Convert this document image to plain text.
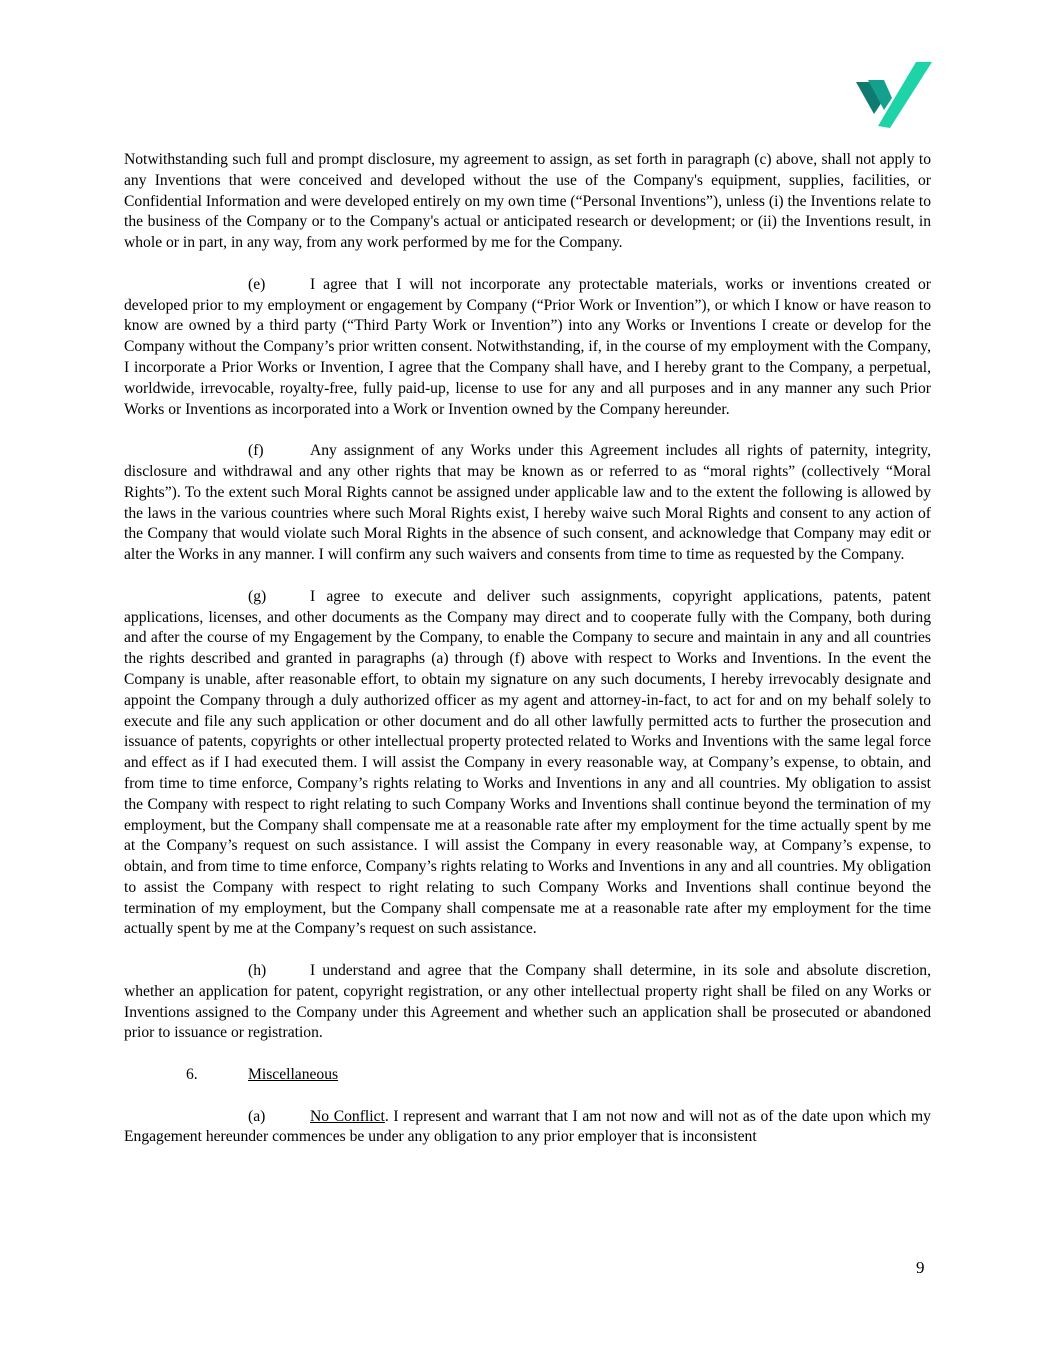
Notwithstanding such full and prompt disclosure, my agreement to assign, as set forth in paragraph (c) above, shall not apply to any Inventions that were conceived and developed without the use of the Company's equipment, supplies, facilities, or Confidential Information and were developed entirely on my own time (“Personal Inventions”), unless (i) the Inventions relate to the business of the Company or to the Company's actual or anticipated research or development; or (ii) the Inventions result, in whole or in part, in any way, from any work performed by me for the Company.

(e)	I agree that I will not incorporate any protectable materials, works or inventions created or developed prior to my employment or engagement by Company (“Prior Work or Invention”), or which I know or have reason to know are owned by a third party (“Third Party Work or Invention”) into any Works or Inventions I create or develop for the Company without the Company’s prior written consent. Notwithstanding, if, in the course of my employment with the Company, I incorporate a Prior Works or Invention, I agree that the Company shall have, and I hereby grant to the Company, a perpetual, worldwide, irrevocable, royalty-free, fully paid-up, license to use for any and all purposes and in any manner any such Prior Works or Inventions as incorporated into a Work or Invention owned by the Company hereunder.

(f)	Any assignment of any Works under this Agreement includes all rights of paternity, integrity, disclosure and withdrawal and any other rights that may be known as or referred to as “moral rights” (collectively “Moral Rights”). To the extent such Moral Rights cannot be assigned under applicable law and to the extent the following is allowed by the laws in the various countries where such Moral Rights exist, I hereby waive such Moral Rights and consent to any action of the Company that would violate such Moral Rights in the absence of such consent, and acknowledge that Company may edit or alter the Works in any manner. I will confirm any such waivers and consents from time to time as requested by the Company.

(g)	I agree to execute and deliver such assignments, copyright applications, patents, patent applications, licenses, and other documents as the Company may direct and to cooperate fully with the Company, both during and after the course of my Engagement by the Company, to enable the Company to secure and maintain in any and all countries the rights described and granted in paragraphs (a) through (f) above with respect to Works and Inventions. In the event the Company is unable, after reasonable effort, to obtain my signature on any such documents, I hereby irrevocably designate and appoint the Company through a duly authorized officer as my agent and attorney-in-fact, to act for and on my behalf solely to execute and file any such application or other document and do all other lawfully permitted acts to further the prosecution and issuance of patents, copyrights or other intellectual property protected related to Works and Inventions with the same legal force and effect as if I had executed them. I will assist the Company in every reasonable way, at Company’s expense, to obtain, and from time to time enforce, Company’s rights relating to Works and Inventions in any and all countries. My obligation to assist the Company with respect to right relating to such Company Works and Inventions shall continue beyond the termination of my employment, but the Company shall compensate me at a reasonable rate after my employment for the time actually spent by me at the Company’s request on such assistance. I will assist the Company in every reasonable way, at Company’s expense, to obtain, and from time to time enforce, Company’s rights relating to Works and Inventions in any and all countries. My obligation to assist the Company with respect to right relating to such Company Works and Inventions shall continue beyond the termination of my employment, but the Company shall compensate me at a reasonable rate after my employment for the time actually spent by me at the Company’s request on such assistance.

(h)	I understand and agree that the Company shall determine, in its sole and absolute discretion, whether an application for patent, copyright registration, or any other intellectual property right shall be filed on any Works or Inventions assigned to the Company under this Agreement and whether such an application shall be prosecuted or abandoned prior to issuance or registration.

6.	Miscellaneous

(a)	No Conflict. I represent and warrant that I am not now and will not as of the date upon which my Engagement hereunder commences be under any obligation to any prior employer that is inconsistent

9
